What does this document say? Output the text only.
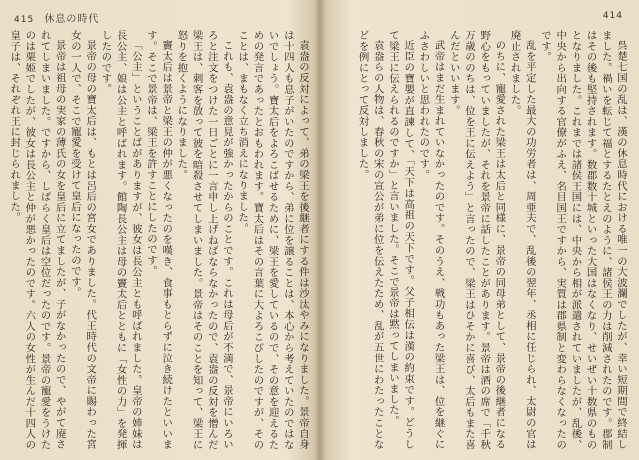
415 休息の時代

袁盎の反対によって、弟の梁王を後継者にする件は沙汰やみになりました。景帝自身は十四人も息子がいたのですから、弟に位を譲ることは、本心から考えていたのではないでしょう。寶太后をよろこばせるために、梁王を愛しているので、その意を迎えるための発言であったとおもわれます。寶太后はその言葉に大よろこびしたのですが、そのことは、まもなく立ち消えになりました。

これも、袁盎の意見が強かったからのことです。これは母后が不満で、景帝にいろいろと注文をつけた一日ごとに一言申し上げねばならなかったので、袁盎の反対を憎んだ梁王は、刺客を放って彼を暗殺させてしまいました。景帝はそのことを知って、梁王に怒りを抱くようになりました。

竇太后は景帝と梁王の仲が悪くなったのを嘆き、食事もとらずに泣き続けたといいます。そこで景帝は、梁王を許すことにしたのです。

「公主」ということばがありますが、彼女は長公主とも呼ばれました。皇帝の姉妹は長公主、娘は公主と呼ばれます。館陶長公主は母の竇太后とともに「女性の力」を発揮したのです。

景帝の母の寶太后は、もとは呂后の宮女でありました。代王時代の文帝に賜わった宮女の一人で、そこで寵愛を受けて皇后になったのです。

景帝は祖母の実家の薄氏の女を皇后に立てましたが、子がなかったので、やがて廃されてしまいました。ですから、しばらく皇后は空位だったのです。景帝の寵愛をうけたのは栗姫でしたが、彼女は長公主と仲が悪かったのです。六人の女性が生んだ十四人の皇子は、それぞれ王に封じられました。

414

呉楚七国の乱は、漢の休息時代における唯一の大波瀾でしたが、幸い短期間で終結しました。禍いを転じて福とするたとえのように、諸侯王の力は削減されたのです。郡制はその後も堅持されます。数郡数十城といった大国はなくなり、せいぜい十数県のものとなりました。これまでは諸侯王国には、中央から相が派遣されていましたが、乱後、中央から出向する官僚がふえ、名目国王ですから、実質は郡県制と変わらなくなったのです。

乱を平定した最大の功労者は、周亜夫で、乱後の翌年、丞相に任じられ、太尉の官は廃止されました。

のちに、寵愛された梁王は太后と同様に、景帝の同母弟として、景帝の後継者になる野心をもっていましたが、それを景帝に話したことがあります。景帝は酒の席で「千秋万歳ののちは、位を王に伝えよう」と言ったので、梁王はひそかに喜び、太后もまた喜んだといいます。

武帝はまだ生まれていなかったのです。そのうえ、戦功もあった梁王は、位を継ぐにふさわしいと思われたのです。

近臣の寶嬰が直諫して、「天下は高祖の天下です。父子相伝は漢の約束です。どうして梁王に伝えられるのですか」と言いました。そこで景帝は黙ってしまいました。

袁盎らの人物は、春秋の宋の宣公が弟に位を伝えたため、乱が五世にわたったことなどを例にとって反対しました。
